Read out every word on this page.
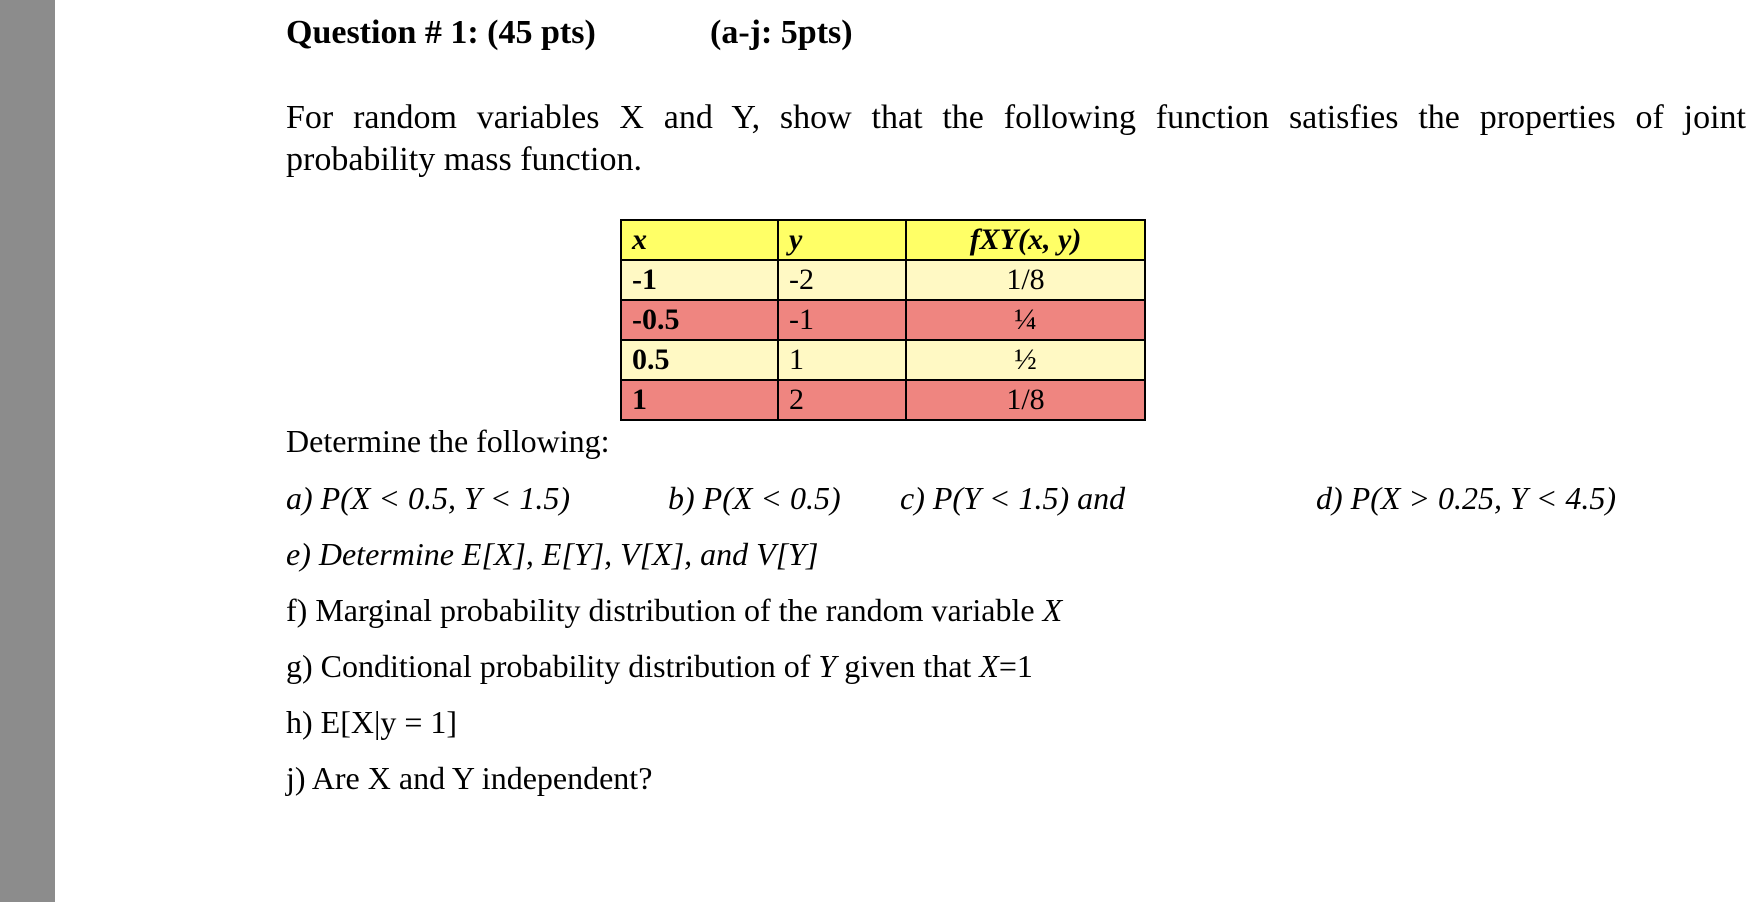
Question # 1: (45 pts)	(a-j: 5pts)
For random variables X and Y, show that the following function satisfies the properties of joint
probability mass function.
x	y	fXY(x, y)
-1	-2	1/8
-0.5	-1	¼
0.5	1	½
1	2	1/8
Determine the following:
a) P(X < 0.5, Y < 1.5)	b) P(X < 0.5) c) P(Y < 1.5) and	d) P(X > 0.25, Y < 4.5)
e) Determine E[X], E[Y], V[X], and V[Y]
f) Marginal probability distribution of the random variable X
g) Conditional probability distribution of Y given that X=1
h) E[X|y = 1]
j) Are X and Y independent?
